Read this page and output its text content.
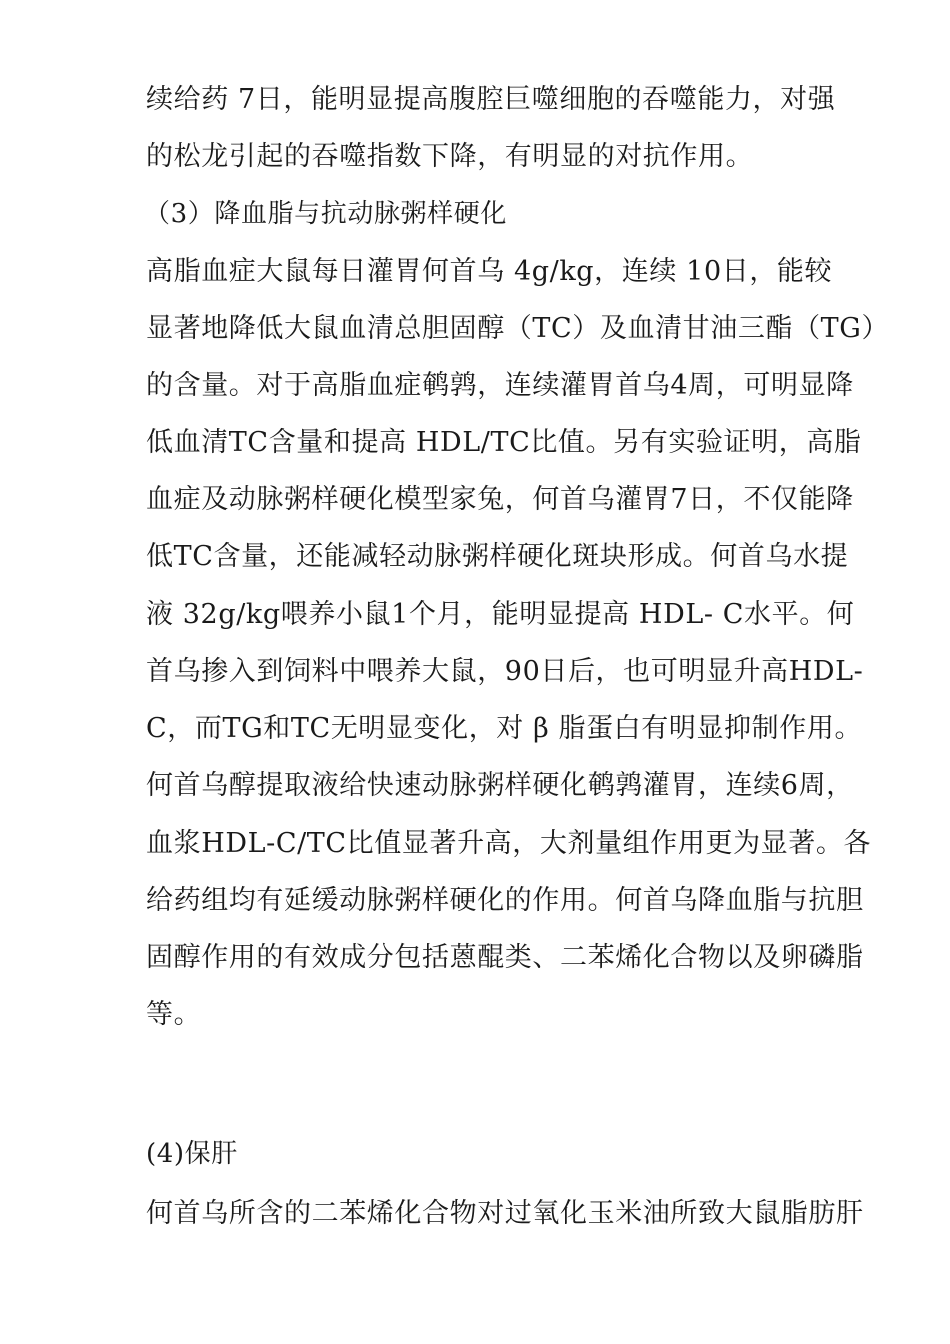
续给药 7日，能明显提高腹腔巨噬细胞的吞噬能力，对强
的松龙引起的吞噬指数下降，有明显的对抗作用。
（3）降血脂与抗动脉粥样硬化
高脂血症大鼠每日灌胃何首乌 4g/kg，连续 10日，能较
显著地降低大鼠血清总胆固醇（TC）及血清甘油三酯（TG）
的含量。对于高脂血症鹌鹑，连续灌胃首乌4周，可明显降
低血清TC含量和提高 HDL/TC比值。另有实验证明，高脂
血症及动脉粥样硬化模型家兔，何首乌灌胃7日，不仅能降
低TC含量，还能减轻动脉粥样硬化斑块形成。何首乌水提
液 32g/kg喂养小鼠1个月，能明显提高 HDL- C水平。何
首乌掺入到饲料中喂养大鼠，90日后，也可明显升高HDL-
C，而TG和TC无明显变化，对 β 脂蛋白有明显抑制作用。
何首乌醇提取液给快速动脉粥样硬化鹌鹑灌胃，连续6周，
血浆HDL-C/TC比值显著升高，大剂量组作用更为显著。各
给药组均有延缓动脉粥样硬化的作用。何首乌降血脂与抗胆
固醇作用的有效成分包括蒽醌类、二苯烯化合物以及卵磷脂
等。
(4)保肝
何首乌所含的二苯烯化合物对过氧化玉米油所致大鼠脂肪肝
